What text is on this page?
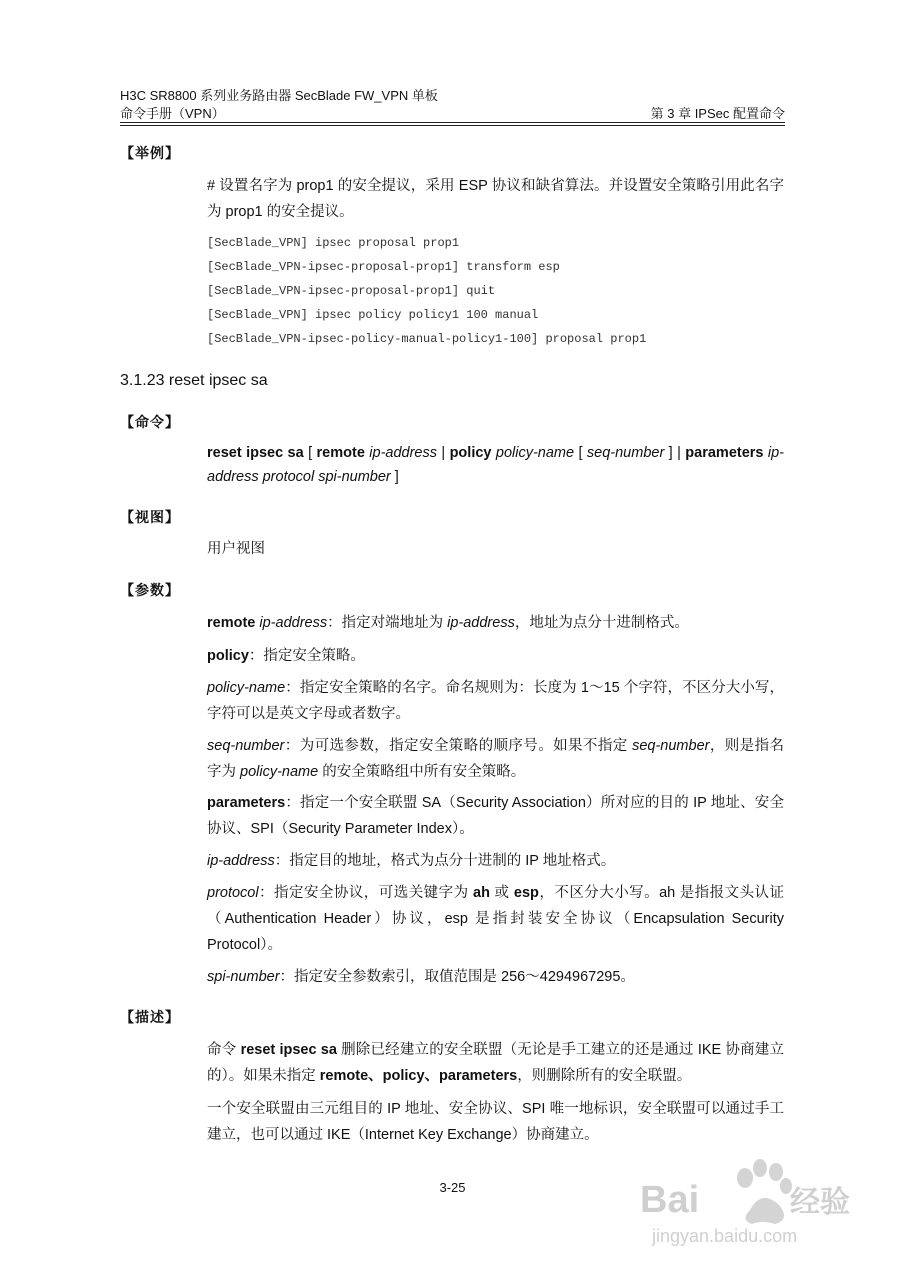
H3C SR8800 系列业务路由器 SecBlade FW_VPN 单板
命令手册（VPN）	第 3 章 IPSec 配置命令
【举例】
# 设置名字为 prop1 的安全提议，采用 ESP 协议和缺省算法。并设置安全策略引用此名字为 prop1 的安全提议。
[SecBlade_VPN] ipsec proposal prop1
[SecBlade_VPN-ipsec-proposal-prop1] transform esp
[SecBlade_VPN-ipsec-proposal-prop1] quit
[SecBlade_VPN] ipsec policy policy1 100 manual
[SecBlade_VPN-ipsec-policy-manual-policy1-100] proposal prop1
3.1.23 reset ipsec sa
【命令】
reset ipsec sa [ remote ip-address | policy policy-name [ seq-number ] | parameters ip-address protocol spi-number ]
【视图】
用户视图
【参数】
remote ip-address：指定对端地址为 ip-address，地址为点分十进制格式。
policy：指定安全策略。
policy-name：指定安全策略的名字。命名规则为：长度为 1～15 个字符，不区分大小写，字符可以是英文字母或者数字。
seq-number：为可选参数，指定安全策略的顺序号。如果不指定 seq-number，则是指名字为 policy-name 的安全策略组中所有安全策略。
parameters：指定一个安全联盟 SA（Security Association）所对应的目的 IP 地址、安全协议、SPI（Security Parameter Index）。
ip-address：指定目的地址，格式为点分十进制的 IP 地址格式。
protocol：指定安全协议，可选关键字为 ah 或 esp，不区分大小写。ah 是指报文头认证（Authentication Header）协议，esp 是指封装安全协议（Encapsulation Security Protocol）。
spi-number：指定安全参数索引，取值范围是 256～4294967295。
【描述】
命令 reset ipsec sa 删除已经建立的安全联盟（无论是手工建立的还是通过 IKE 协商建立的）。如果未指定 remote、policy、parameters，则删除所有的安全联盟。
一个安全联盟由三元组目的 IP 地址、安全协议、SPI 唯一地标识，安全联盟可以通过手工建立，也可以通过 IKE（Internet Key Exchange）协商建立。
3-25	Bai	经验
jingyan.baidu.com
